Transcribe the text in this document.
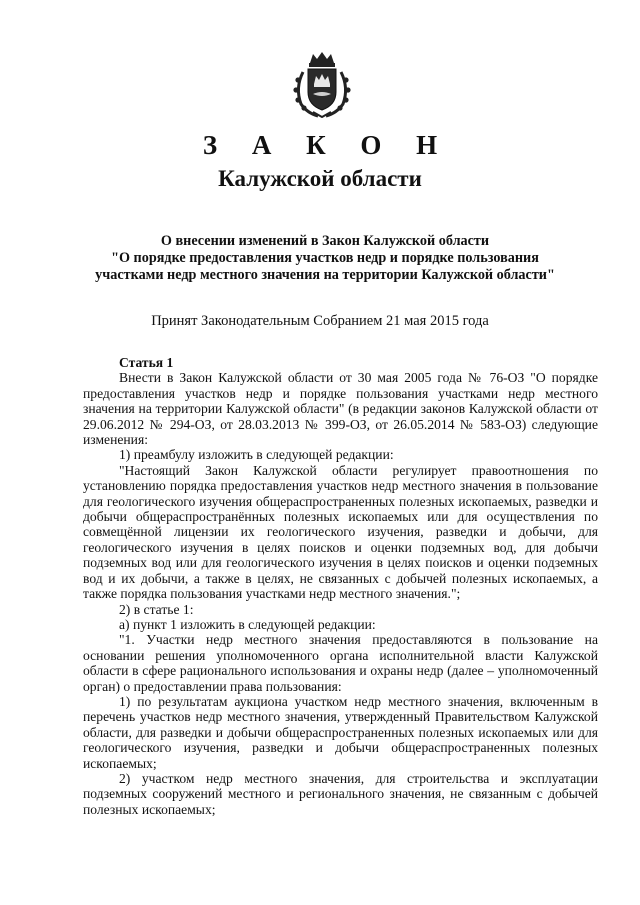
З А К О Н
Калужской области
О внесении изменений в Закон Калужской области
"О порядке предоставления участков недр и порядке пользования
участками недр местного значения на территории Калужской области"
Принят Законодательным Собранием 21 мая 2015 года

Статья 1

Внести в Закон Калужской области от 30 мая 2005 года № 76-ОЗ "О порядке предоставления участков недр и порядке пользования участками недр местного значения на территории Калужской области" (в редакции законов Калужской области от 29.06.2012 № 294-ОЗ, от 28.03.2013 № 399-ОЗ, от 26.05.2014 № 583-ОЗ) следующие изменения:

1) преамбулу изложить в следующей редакции:

"Настоящий Закон Калужской области регулирует правоотношения по установлению порядка предоставления участков недр местного значения в пользование для геологического изучения общераспространенных полезных ископаемых, разведки и добычи общераспространённых полезных ископаемых или для осуществления по совмещённой лицензии их геологического изучения, разведки и добычи, для геологического изучения в целях поисков и оценки подземных вод, для добычи подземных вод или для геологического изучения в целях поисков и оценки подземных вод и их добычи, а также в целях, не связанных с добычей полезных ископаемых, а также порядка пользования участками недр местного значения.";

2) в статье 1:

а) пункт 1 изложить в следующей редакции:

"1. Участки недр местного значения предоставляются в пользование на основании решения уполномоченного органа исполнительной власти Калужской области в сфере рационального использования и охраны недр (далее – уполномоченный орган) о предоставлении права пользования:

1) по результатам аукциона участком недр местного значения, включенным в перечень участков недр местного значения, утвержденный Правительством Калужской области, для разведки и добычи общераспространенных полезных ископаемых или для геологического изучения, разведки и добычи общераспространенных полезных ископаемых;

2) участком недр местного значения, для строительства и эксплуатации подземных сооружений местного и регионального значения, не связанным с добычей полезных ископаемых;
